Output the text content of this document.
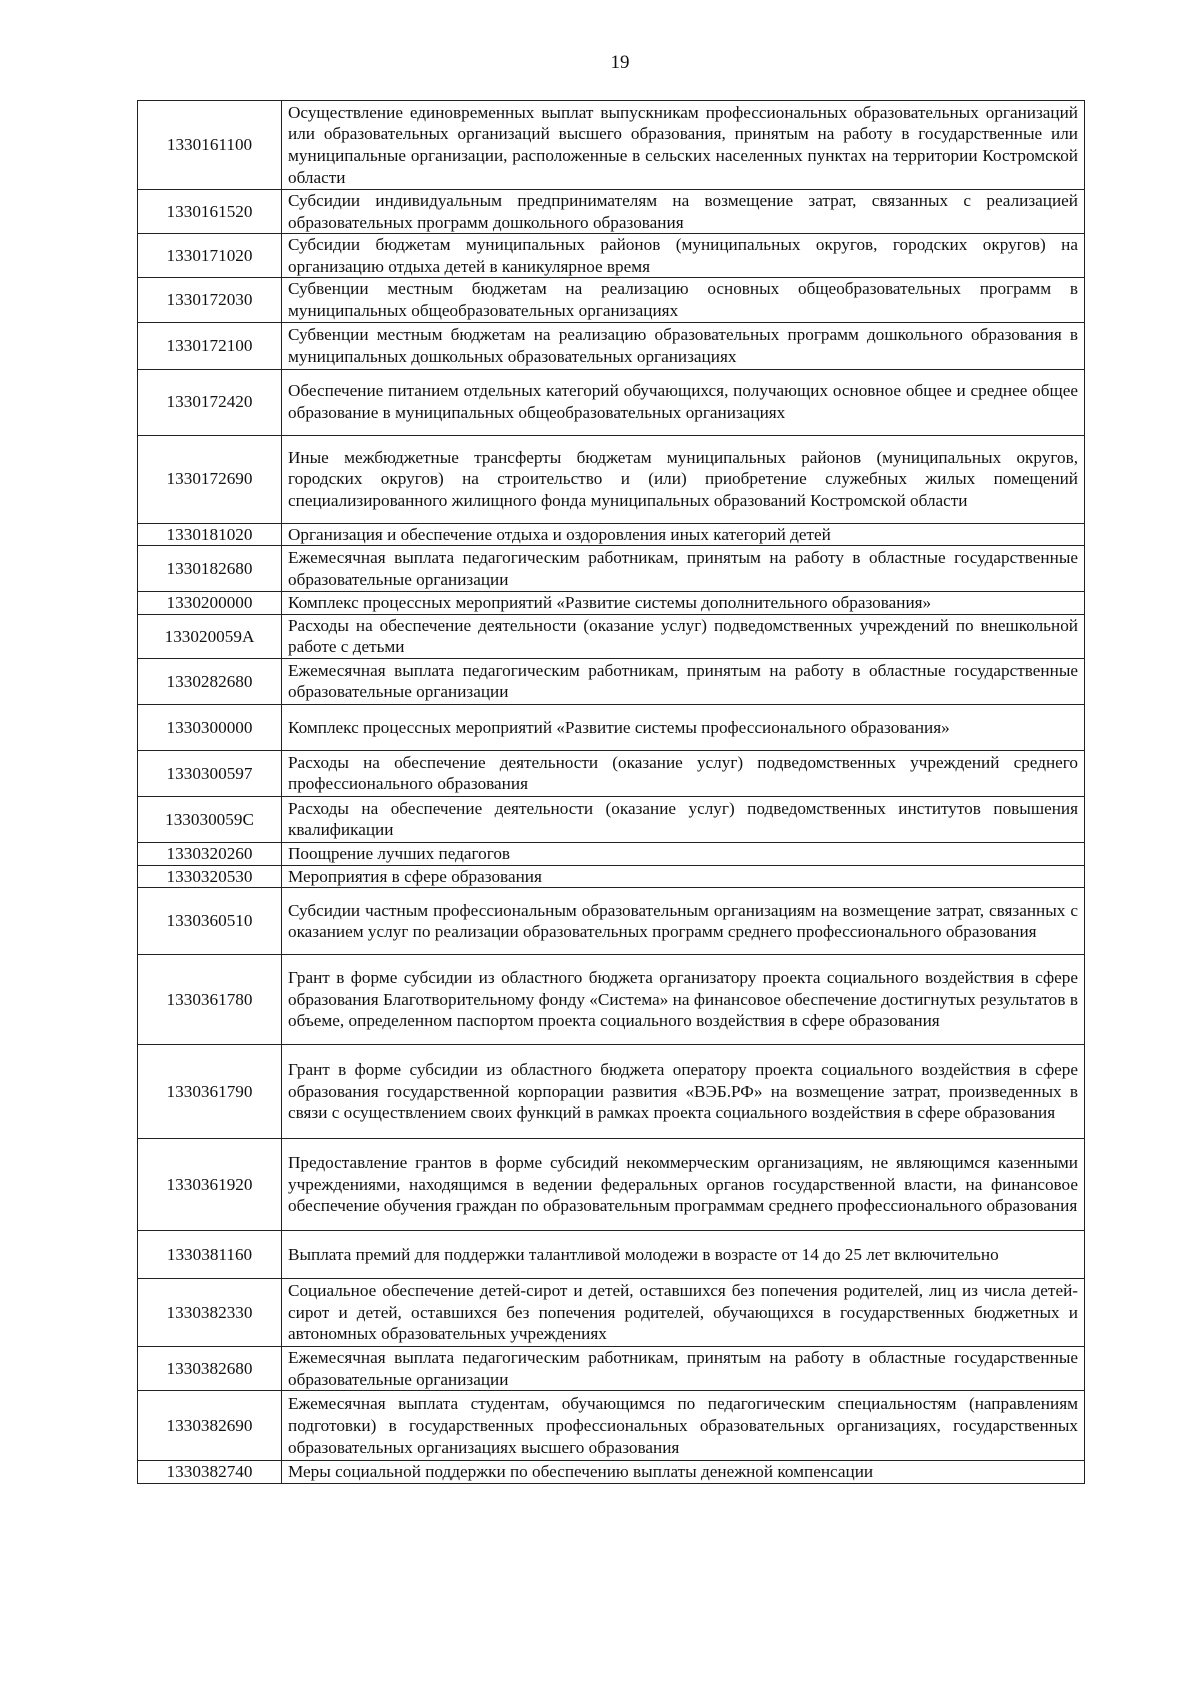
19
1330161100	Осуществление единовременных выплат выпускникам профессиональных образовательных организаций или образовательных организаций высшего образования, принятым на работу в государственные или муниципальные организации, расположенные в сельских населенных пунктах на территории Костромской области
1330161520	Субсидии индивидуальным предпринимателям на возмещение затрат, связанных с реализацией образовательных программ дошкольного образования
1330171020	Субсидии бюджетам муниципальных районов (муниципальных округов, городских округов) на организацию отдыха детей в каникулярное время
1330172030	Субвенции местным бюджетам на реализацию основных общеобразовательных программ в муниципальных общеобразовательных организациях
1330172100	Субвенции местным бюджетам на реализацию образовательных программ дошкольного образования в муниципальных дошкольных образовательных организациях
1330172420	Обеспечение питанием отдельных категорий обучающихся, получающих основное общее и среднее общее образование в муниципальных общеобразовательных организациях
1330172690	Иные межбюджетные трансферты бюджетам муниципальных районов (муниципальных округов, городских округов) на строительство и (или) приобретение служебных жилых помещений специализированного жилищного фонда муниципальных образований Костромской области
1330181020	Организация и обеспечение отдыха и оздоровления иных категорий детей
1330182680	Ежемесячная выплата педагогическим работникам, принятым на работу в областные государственные образовательные организации
1330200000	Комплекс процессных мероприятий «Развитие системы дополнительного образования»
133020059А	Расходы на обеспечение деятельности (оказание услуг) подведомственных учреждений по внешкольной работе с детьми
1330282680	Ежемесячная выплата педагогическим работникам, принятым на работу в областные государственные образовательные организации
1330300000	Комплекс процессных мероприятий «Развитие системы профессионального образования»
1330300597	Расходы на обеспечение деятельности (оказание услуг) подведомственных учреждений среднего профессионального образования
133030059С	Расходы на обеспечение деятельности (оказание услуг) подведомственных институтов повышения квалификации
1330320260	Поощрение лучших педагогов
1330320530	Мероприятия в сфере образования
1330360510	Субсидии частным профессиональным образовательным организациям на возмещение затрат, связанных с оказанием услуг по реализации образовательных программ среднего профессионального образования
1330361780	Грант в форме субсидии из областного бюджета организатору проекта социального воздействия в сфере образования Благотворительному фонду «Система» на финансовое обеспечение достигнутых результатов в объеме, определенном паспортом проекта социального воздействия в сфере образования
1330361790	Грант в форме субсидии из областного бюджета оператору проекта социального воздействия в сфере образования государственной корпорации развития «ВЭБ.РФ» на возмещение затрат, произведенных в связи с осуществлением своих функций в рамках проекта социального воздействия в сфере образования
1330361920	Предоставление грантов в форме субсидий некоммерческим организациям, не являющимся казенными учреждениями, находящимся в ведении федеральных органов государственной власти, на финансовое обеспечение обучения граждан по образовательным программам среднего профессионального образования
1330381160	Выплата премий для поддержки талантливой молодежи в возрасте от 14 до 25 лет включительно
1330382330	Социальное обеспечение детей-сирот и детей, оставшихся без попечения родителей, лиц из числа детей-сирот и детей, оставшихся без попечения родителей, обучающихся в государственных бюджетных и автономных образовательных учреждениях
1330382680	Ежемесячная выплата педагогическим работникам, принятым на работу в областные государственные образовательные организации
1330382690	Ежемесячная выплата студентам, обучающимся по педагогическим специальностям (направлениям подготовки) в государственных профессиональных образовательных организациях, государственных образовательных организациях высшего образования
1330382740	Меры социальной поддержки по обеспечению выплаты денежной компенсации
